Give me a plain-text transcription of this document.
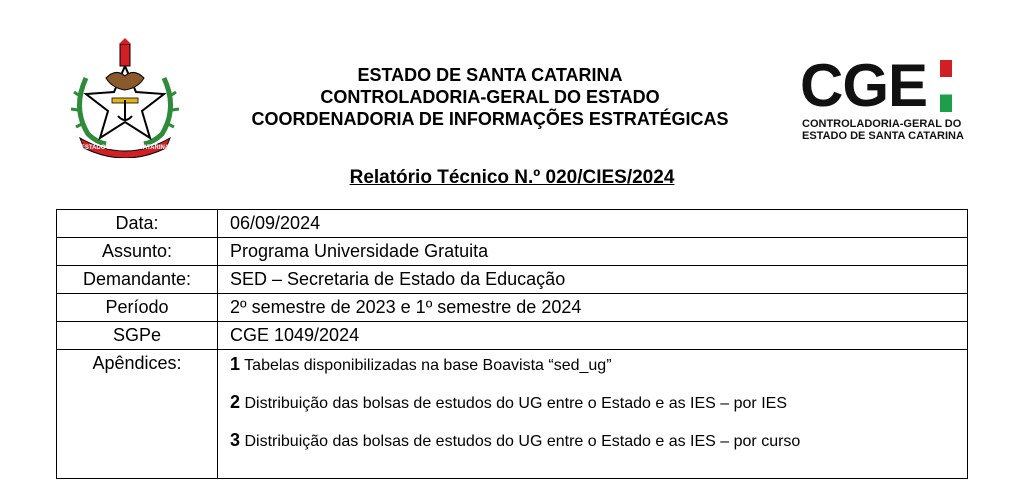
ESTADO DE SANTA CATARINA
ESTADO DE SANTA CATARINA
CONTROLADORIA-GERAL DO ESTADO
COORDENADORIA DE INFORMAÇÕES ESTRATÉGICAS	CGE
CONTROLADORIA-GERAL DO
ESTADO DE SANTA CATARINA
Relatório Técnico N.º 020/CIES/2024
Data:	06/09/2024
Assunto:	Programa Universidade Gratuita
Demandante:	SED – Secretaria de Estado da Educação
Período	2º semestre de 2023 e 1º semestre de 2024
SGPe	CGE 1049/2024
Apêndices:	1 Tabelas disponibilizadas na base Boavista “sed_ug”
2 Distribuição das bolsas de estudos do UG entre o Estado e as IES – por IES
3 Distribuição das bolsas de estudos do UG entre o Estado e as IES – por curso
